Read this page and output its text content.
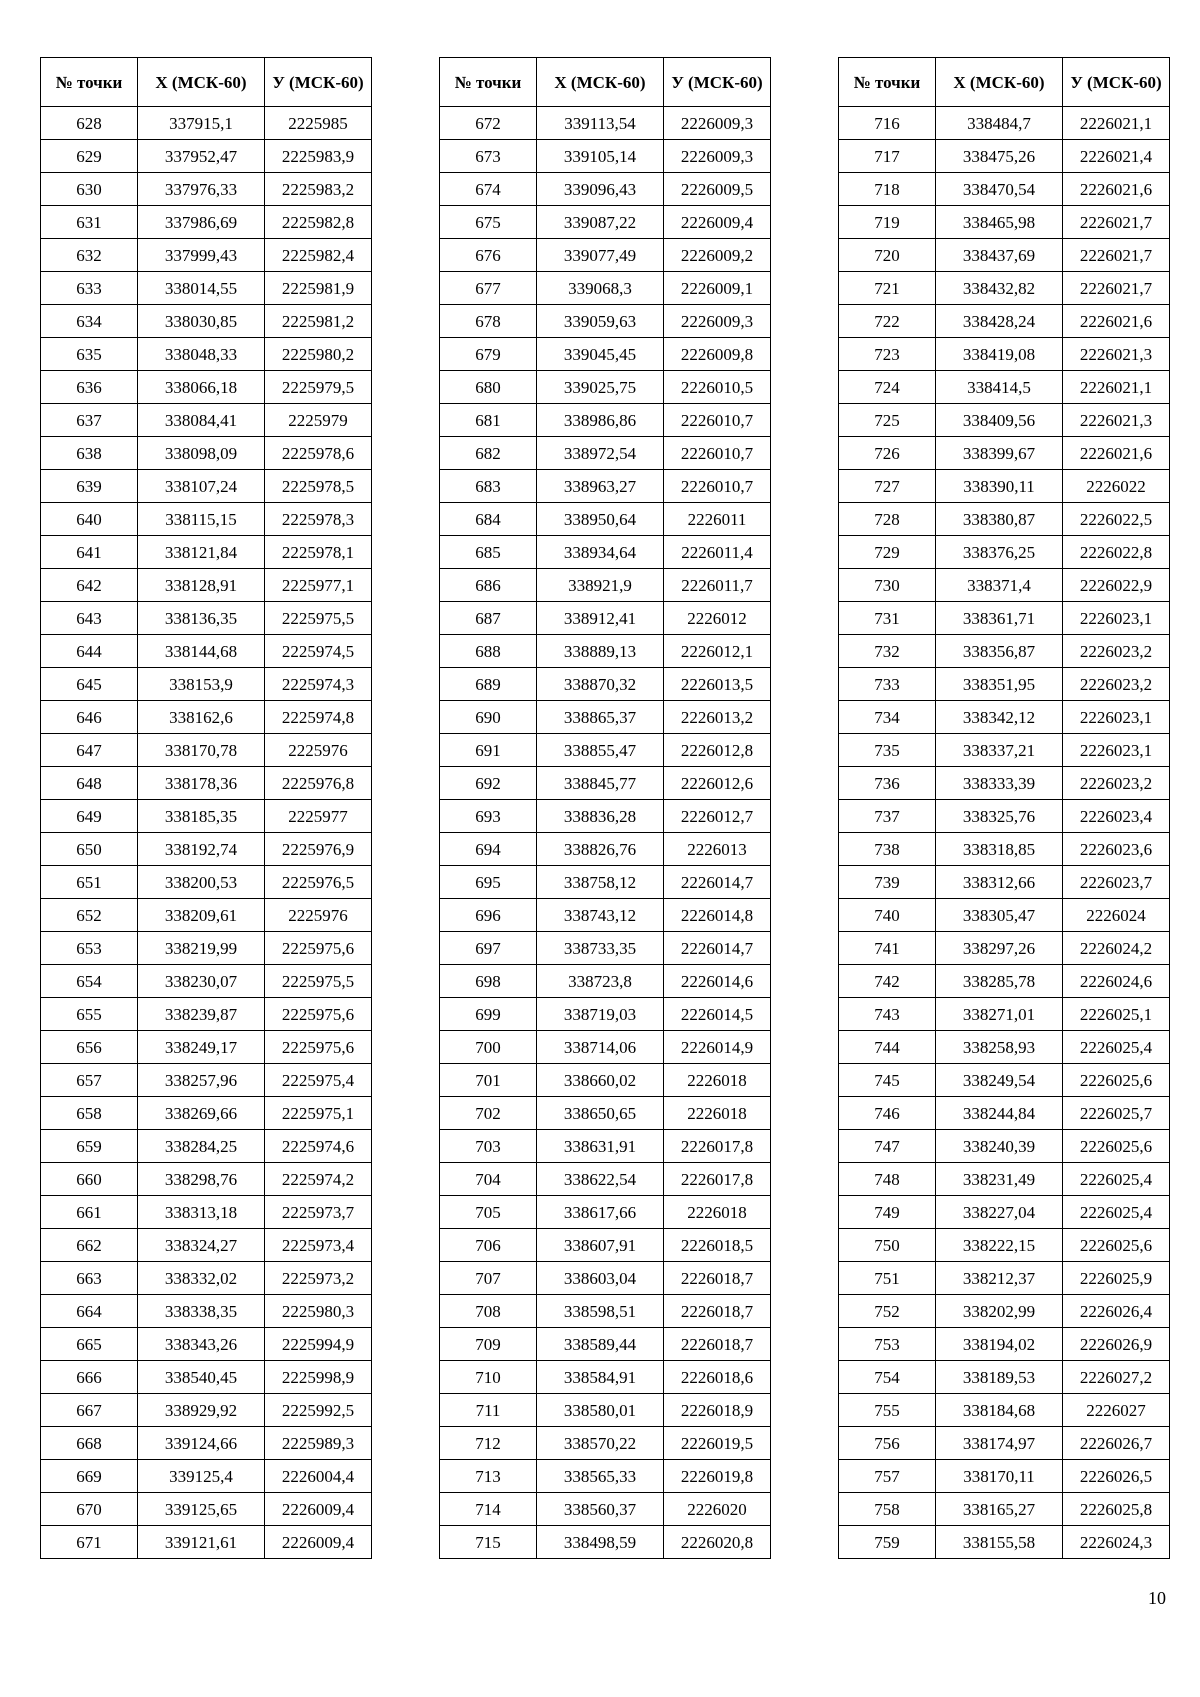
№ точки	Х (МСК-60)	У (МСК-60)
628	337915,1	2225985
629	337952,47	2225983,9
630	337976,33	2225983,2
631	337986,69	2225982,8
632	337999,43	2225982,4
633	338014,55	2225981,9
634	338030,85	2225981,2
635	338048,33	2225980,2
636	338066,18	2225979,5
637	338084,41	2225979
638	338098,09	2225978,6
639	338107,24	2225978,5
640	338115,15	2225978,3
641	338121,84	2225978,1
642	338128,91	2225977,1
643	338136,35	2225975,5
644	338144,68	2225974,5
645	338153,9	2225974,3
646	338162,6	2225974,8
647	338170,78	2225976
648	338178,36	2225976,8
649	338185,35	2225977
650	338192,74	2225976,9
651	338200,53	2225976,5
652	338209,61	2225976
653	338219,99	2225975,6
654	338230,07	2225975,5
655	338239,87	2225975,6
656	338249,17	2225975,6
657	338257,96	2225975,4
658	338269,66	2225975,1
659	338284,25	2225974,6
660	338298,76	2225974,2
661	338313,18	2225973,7
662	338324,27	2225973,4
663	338332,02	2225973,2
664	338338,35	2225980,3
665	338343,26	2225994,9
666	338540,45	2225998,9
667	338929,92	2225992,5
668	339124,66	2225989,3
669	339125,4	2226004,4
670	339125,65	2226009,4
671	339121,61	2226009,4
№ точки	Х (МСК-60)	У (МСК-60)
672	339113,54	2226009,3
673	339105,14	2226009,3
674	339096,43	2226009,5
675	339087,22	2226009,4
676	339077,49	2226009,2
677	339068,3	2226009,1
678	339059,63	2226009,3
679	339045,45	2226009,8
680	339025,75	2226010,5
681	338986,86	2226010,7
682	338972,54	2226010,7
683	338963,27	2226010,7
684	338950,64	2226011
685	338934,64	2226011,4
686	338921,9	2226011,7
687	338912,41	2226012
688	338889,13	2226012,1
689	338870,32	2226013,5
690	338865,37	2226013,2
691	338855,47	2226012,8
692	338845,77	2226012,6
693	338836,28	2226012,7
694	338826,76	2226013
695	338758,12	2226014,7
696	338743,12	2226014,8
697	338733,35	2226014,7
698	338723,8	2226014,6
699	338719,03	2226014,5
700	338714,06	2226014,9
701	338660,02	2226018
702	338650,65	2226018
703	338631,91	2226017,8
704	338622,54	2226017,8
705	338617,66	2226018
706	338607,91	2226018,5
707	338603,04	2226018,7
708	338598,51	2226018,7
709	338589,44	2226018,7
710	338584,91	2226018,6
711	338580,01	2226018,9
712	338570,22	2226019,5
713	338565,33	2226019,8
714	338560,37	2226020
715	338498,59	2226020,8
№ точки	Х (МСК-60)	У (МСК-60)
716	338484,7	2226021,1
717	338475,26	2226021,4
718	338470,54	2226021,6
719	338465,98	2226021,7
720	338437,69	2226021,7
721	338432,82	2226021,7
722	338428,24	2226021,6
723	338419,08	2226021,3
724	338414,5	2226021,1
725	338409,56	2226021,3
726	338399,67	2226021,6
727	338390,11	2226022
728	338380,87	2226022,5
729	338376,25	2226022,8
730	338371,4	2226022,9
731	338361,71	2226023,1
732	338356,87	2226023,2
733	338351,95	2226023,2
734	338342,12	2226023,1
735	338337,21	2226023,1
736	338333,39	2226023,2
737	338325,76	2226023,4
738	338318,85	2226023,6
739	338312,66	2226023,7
740	338305,47	2226024
741	338297,26	2226024,2
742	338285,78	2226024,6
743	338271,01	2226025,1
744	338258,93	2226025,4
745	338249,54	2226025,6
746	338244,84	2226025,7
747	338240,39	2226025,6
748	338231,49	2226025,4
749	338227,04	2226025,4
750	338222,15	2226025,6
751	338212,37	2226025,9
752	338202,99	2226026,4
753	338194,02	2226026,9
754	338189,53	2226027,2
755	338184,68	2226027
756	338174,97	2226026,7
757	338170,11	2226026,5
758	338165,27	2226025,8
759	338155,58	2226024,3
10
